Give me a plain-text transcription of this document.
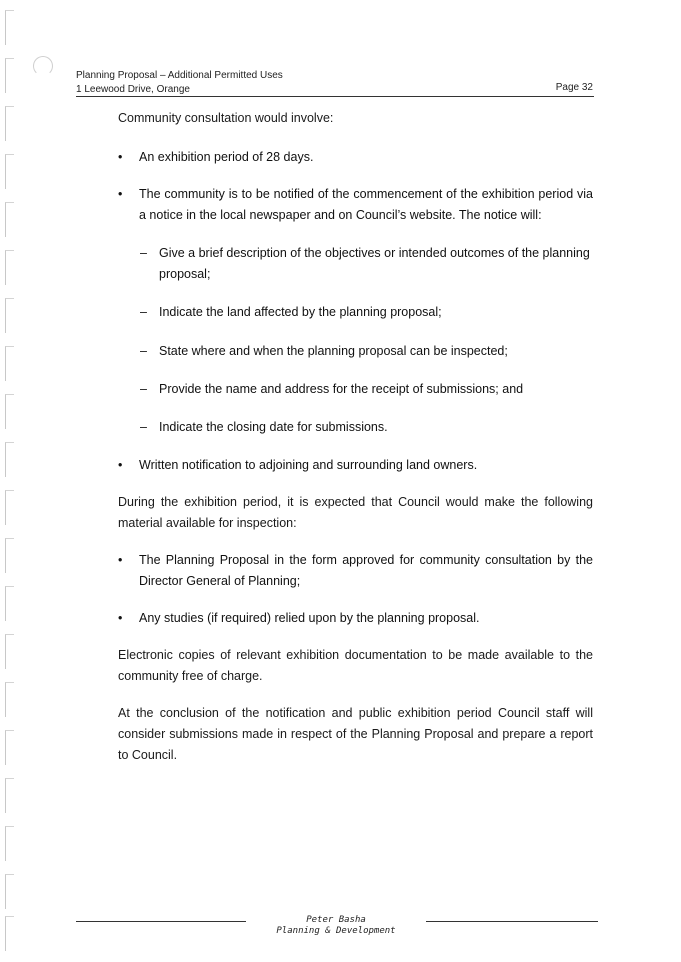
Planning Proposal – Additional Permitted Uses
1 Leewood Drive, Orange	Page 32
Community consultation would involve:
•	An exhibition period of 28 days.
•	The community is to be notified of the commencement of the exhibition period via a notice in the local newspaper and on Council’s website. The notice will:
– Give a brief description of the objectives or intended outcomes of the planning proposal;
– Indicate the land affected by the planning proposal;
– State where and when the planning proposal can be inspected;
– Provide the name and address for the receipt of submissions; and
– Indicate the closing date for submissions.
•	Written notification to adjoining and surrounding land owners.
During the exhibition period, it is expected that Council would make the following material available for inspection:
•	The Planning Proposal in the form approved for community consultation by the Director General of Planning;
•	Any studies (if required) relied upon by the planning proposal.
Electronic copies of relevant exhibition documentation to be made available to the community free of charge.
At the conclusion of the notification and public exhibition period Council staff will consider submissions made in respect of the Planning Proposal and prepare a report to Council.
Peter Basha
Planning & Development
